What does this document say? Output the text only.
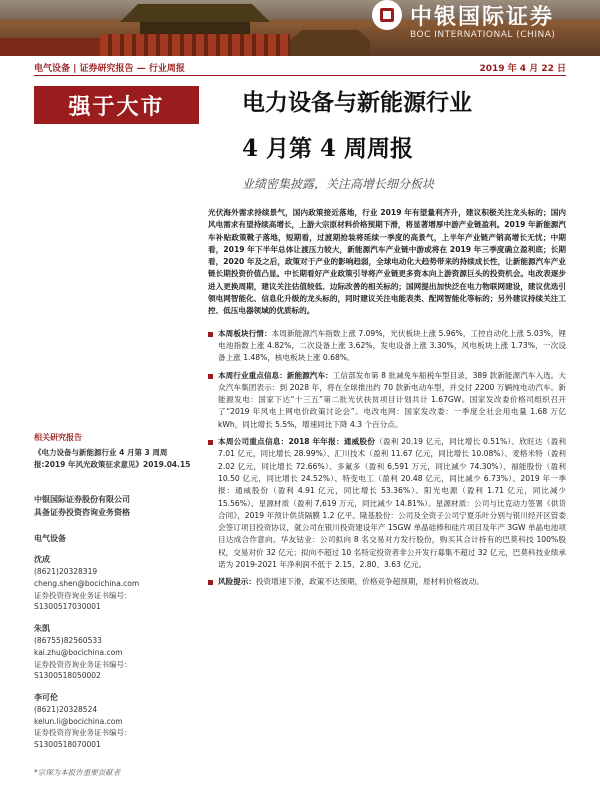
中银国际证券
BOC INTERNATIONAL (CHINA)
电气设备 | 证券研究报告 — 行业周报	2019 年 4 月 22 日
强于大市	电力设备与新能源行业
4 月第 4 周周报
业绩密集披露，关注高增长细分板块

光伏海外需求持续景气，国内政策接近落地，行业 2019 年有望量利齐升，建议积极关注龙头标的；国内风电需求有望持续高增长，上游大宗原材料价格预期下滑，将显著增厚中游产业链盈利。2019 年新能源汽车补贴政策靴子落地，短期看，过渡期抢装将延续一季度的高景气，上半年产业链产销高增长无忧；中期看，2019 年下半年总体让渡压力较大，新能源汽车产业链中游或将在 2019 年三季度确立盈利底；长期看，2020 年及之后，政策对于产业的影响趋弱，全球电动化大趋势带来的持续成长性，让新能源汽车产业链长期投资价值凸显。中长期看好产业政策引导将产业链更多资本向上游资源巨头的投资机会。电改表逐步进入更换周期，建议关注估值较低、边际改善的相关标的；国网提出加快泛在电力物联网建设，建议优选引领电网智能化、信息化升级的龙头标的，同时建议关注电能表类、配网智能化等标的；另外建议持续关注工控、低压电器领域的优质标的。

本周板块行情：本周新能源汽车指数上涨 7.09%，光伏板块上涨 5.96%，工控自动化上涨 5.03%，锂电池指数上涨 4.82%，二次设备上涨 3.62%，发电设备上涨 3.30%，风电板块上涨 1.73%，一次设备上涨 1.48%，核电板块上涨 0.68%。
本周行业重点信息：新能源汽车：工信部发布第 8 批减免车船税车型目录，389 款新能源汽车入选。大众汽车集团表示：到 2028 年，将在全球推出约 70 款新电动车型，并交付 2200 万辆纯电动汽车。新能源发电：国家下达“十三五”第二批光伏扶贫项目计划共计 1.67GW。国家发改委价格司组织召开了“2019 年风电上网电价政策讨论会”。电改电网：国家发改委：一季度全社会用电量 1.68 万亿 kWh，同比增长 5.5%，增速同比下降 4.3 个百分点。
本周公司重点信息：2018 年年报：通威股份（盈利 20.19 亿元，同比增长 0.51%）、欣旺达（盈利 7.01 亿元，同比增长 28.99%）、汇川技术（盈利 11.67 亿元，同比增长 10.08%）、麦格米特（盈利 2.02 亿元，同比增长 72.66%）、多氟多（盈利 6,591 万元，同比减少 74.30%）、福能股份（盈利 10.50 亿元，同比增长 24.52%）、特变电工（盈利 20.48 亿元，同比减少 6.73%）。2019 年一季报：通威股份（盈利 4.91 亿元，同比增长 53.36%）、阳光电源（盈利 1.71 亿元，同比减少 15.56%）、星源材质（盈利 7,619 万元，同比减少 14.81%）。星源材质：公司与比克动力签署《供货合同》，2019 年预计供货隔膜 1.2 亿平。隆基股份：公司及全资子公司宁夏乐叶分别与银川经开区管委会签订项目投资协议，就公司在银川投资建设年产 15GW 单晶硅棒和硅片项目及年产 3GW 单晶电池项目达成合作意向。华友钴业：公司拟向 8 名交易对方发行股份，购买其合计持有的巴莫科技 100%股权，交易对价 32 亿元；拟向不超过 10 名特定投资者非公开发行募集不超过 32 亿元，巴莫科技业绩承诺为 2019-2021 年净利润不低于 2.15、2.80、3.63 亿元。
风险提示：投资增速下滑，政策不达预期，价格竞争超预期，原材料价格波动。
相关研究报告
《电力设备与新能源行业 4 月第 3 周周报:2019 年风光政策征求意见》2019.04.15
中银国际证券股份有限公司
具备证券投资咨询业务资格
电气设备
沈成
(8621)20328319
cheng.shen@bocichina.com
证券投资咨询业务证书编号：S1300517030001
朱凯
(86755)82560533
kai.zhu@bocichina.com
证券投资咨询业务证书编号：S1300518050002
李可伦
(8621)20328524
kelun.li@bocichina.com
证券投资咨询业务证书编号：S1300518070001
*宗琛为本报告重要贡献者
